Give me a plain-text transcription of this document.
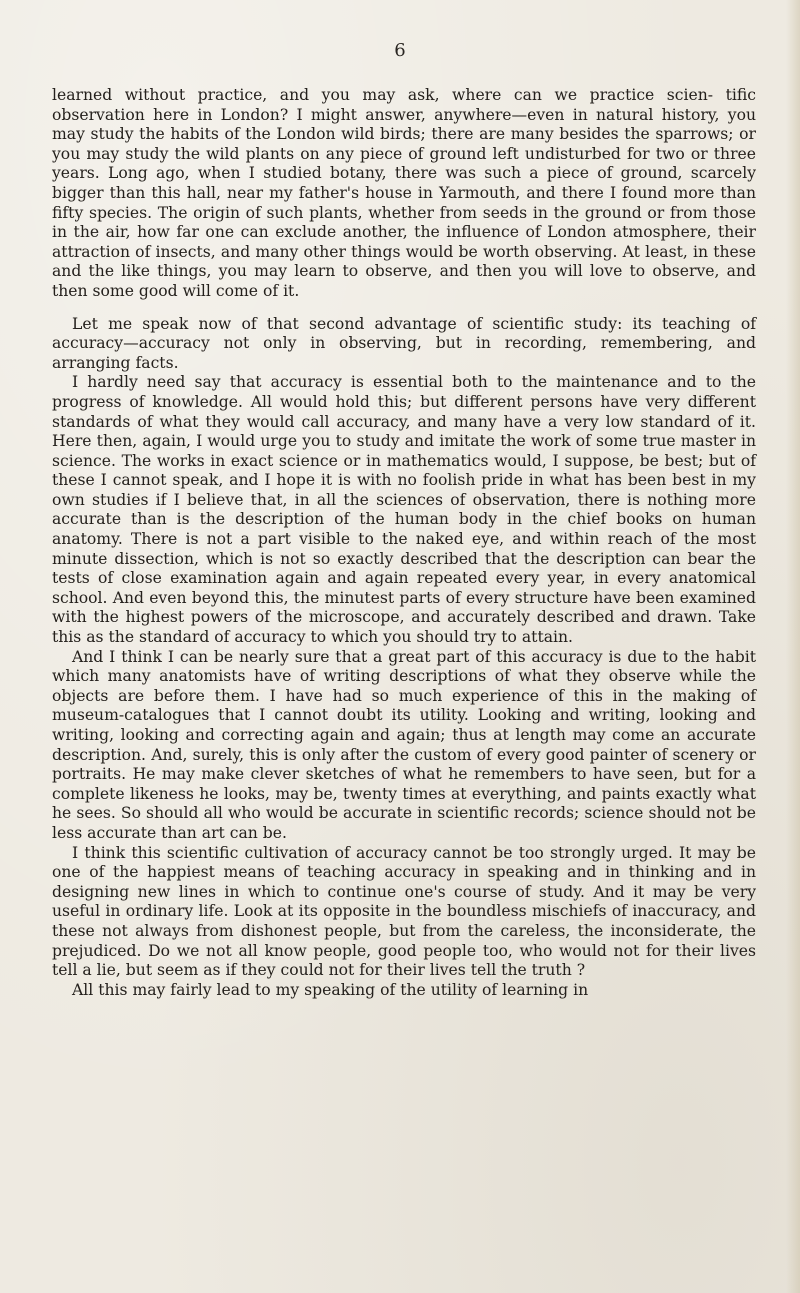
6

learned without practice, and you may ask, where can we practice scien- tific observation here in London? I might answer, anywhere—even in natural history, you may study the habits of the London wild birds; there are many besides the sparrows; or you may study the wild plants on any piece of ground left undisturbed for two or three years. Long ago, when I studied botany, there was such a piece of ground, scarcely bigger than this hall, near my father's house in Yarmouth, and there I found more than fifty species. The origin of such plants, whether from seeds in the ground or from those in the air, how far one can exclude another, the influence of London atmosphere, their attraction of insects, and many other things would be worth observing. At least, in these and the like things, you may learn to observe, and then you will love to observe, and then some good will come of it.

Let me speak now of that second advantage of scientific study: its teaching of accuracy—accuracy not only in observing, but in recording, remembering, and arranging facts.

I hardly need say that accuracy is essential both to the maintenance and to the progress of knowledge. All would hold this; but different persons have very different standards of what they would call accuracy, and many have a very low standard of it. Here then, again, I would urge you to study and imitate the work of some true master in science. The works in exact science or in mathematics would, I suppose, be best; but of these I cannot speak, and I hope it is with no foolish pride in what has been best in my own studies if I believe that, in all the sciences of observation, there is nothing more accurate than is the description of the human body in the chief books on human anatomy. There is not a part visible to the naked eye, and within reach of the most minute dissection, which is not so exactly described that the description can bear the tests of close examination again and again repeated every year, in every anatomical school. And even beyond this, the minutest parts of every structure have been examined with the highest powers of the microscope, and accurately described and drawn. Take this as the standard of accuracy to which you should try to attain.

And I think I can be nearly sure that a great part of this accuracy is due to the habit which many anatomists have of writing descriptions of what they observe while the objects are before them. I have had so much experience of this in the making of museum-catalogues that I cannot doubt its utility. Looking and writing, looking and writing, looking and correcting again and again; thus at length may come an accurate description. And, surely, this is only after the custom of every good painter of scenery or portraits. He may make clever sketches of what he remembers to have seen, but for a complete likeness he looks, may be, twenty times at everything, and paints exactly what he sees. So should all who would be accurate in scientific records; science should not be less accurate than art can be.

I think this scientific cultivation of accuracy cannot be too strongly urged. It may be one of the happiest means of teaching accuracy in speaking and in thinking and in designing new lines in which to continue one's course of study. And it may be very useful in ordinary life. Look at its opposite in the boundless mischiefs of inaccuracy, and these not always from dishonest people, but from the careless, the inconsiderate, the prejudiced. Do we not all know people, good people too, who would not for their lives tell a lie, but seem as if they could not for their lives tell the truth ?

All this may fairly lead to my speaking of the utility of learning in
